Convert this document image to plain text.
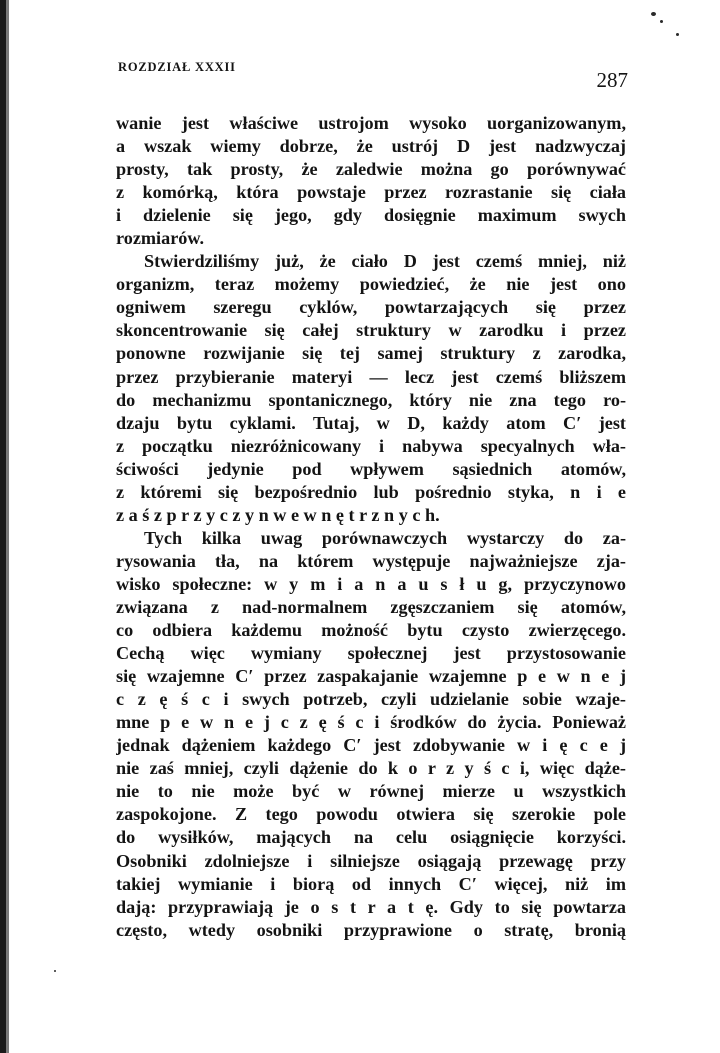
ROZDZIAŁ XXXII
287
wanie jest właściwe ustrojom wysoko uorganizowanym,
a wszak wiemy dobrze, że ustrój D jest nadzwyczaj
prosty, tak prosty, że zaledwie można go porównywać
z komórką, która powstaje przez rozrastanie się ciała
i dzielenie się jego, gdy dosięgnie maximum swych
rozmiarów.
Stwierdziliśmy już, że ciało D jest czemś mniej, niż
organizm, teraz możemy powiedzieć, że nie jest ono
ogniwem szeregu cyklów, powtarzających się przez
skoncentrowanie się całej struktury w zarodku i przez
ponowne rozwijanie się tej samej struktury z zarodka,
przez przybieranie materyi — lecz jest czemś bliższem
do mechanizmu spontanicznego, który nie zna tego ro-
dzaju bytu cyklami. Tutaj, w D, każdy atom C′ jest
z początku niezróżnicowany i nabywa specyalnych wła-
ściwości jedynie pod wpływem sąsiednich atomów,
z któremi się bezpośrednio lub pośrednio styka, n i e
z a ś z p r z y c z y n w e w n ę t r z n y c h.
Tych kilka uwag porównawczych wystarczy do za-
rysowania tła, na którem występuje najważniejsze zja-
wisko społeczne: w y m i a n a u s ł u g, przyczynowo
związana z nad-normalnem zgęszczaniem się atomów,
co odbiera każdemu możność bytu czysto zwierzęcego.
Cechą więc wymiany społecznej jest przystosowanie
się wzajemne C′ przez zaspakajanie wzajemne p e w n e j
c z ę ś c i swych potrzeb, czyli udzielanie sobie wzaje-
mne p e w n e j c z ę ś c i środków do życia. Ponieważ
jednak dążeniem każdego C′ jest zdobywanie w i ę c e j
nie zaś mniej, czyli dążenie do k o r z y ś c i, więc dąże-
nie to nie może być w równej mierze u wszystkich
zaspokojone. Z tego powodu otwiera się szerokie pole
do wysiłków, mających na celu osiągnięcie korzyści.
Osobniki zdolniejsze i silniejsze osiągają przewagę przy
takiej wymianie i biorą od innych C′ więcej, niż im
dają: przyprawiają je o s t r a t ę. Gdy to się powtarza
często, wtedy osobniki przyprawione o stratę, bronią
